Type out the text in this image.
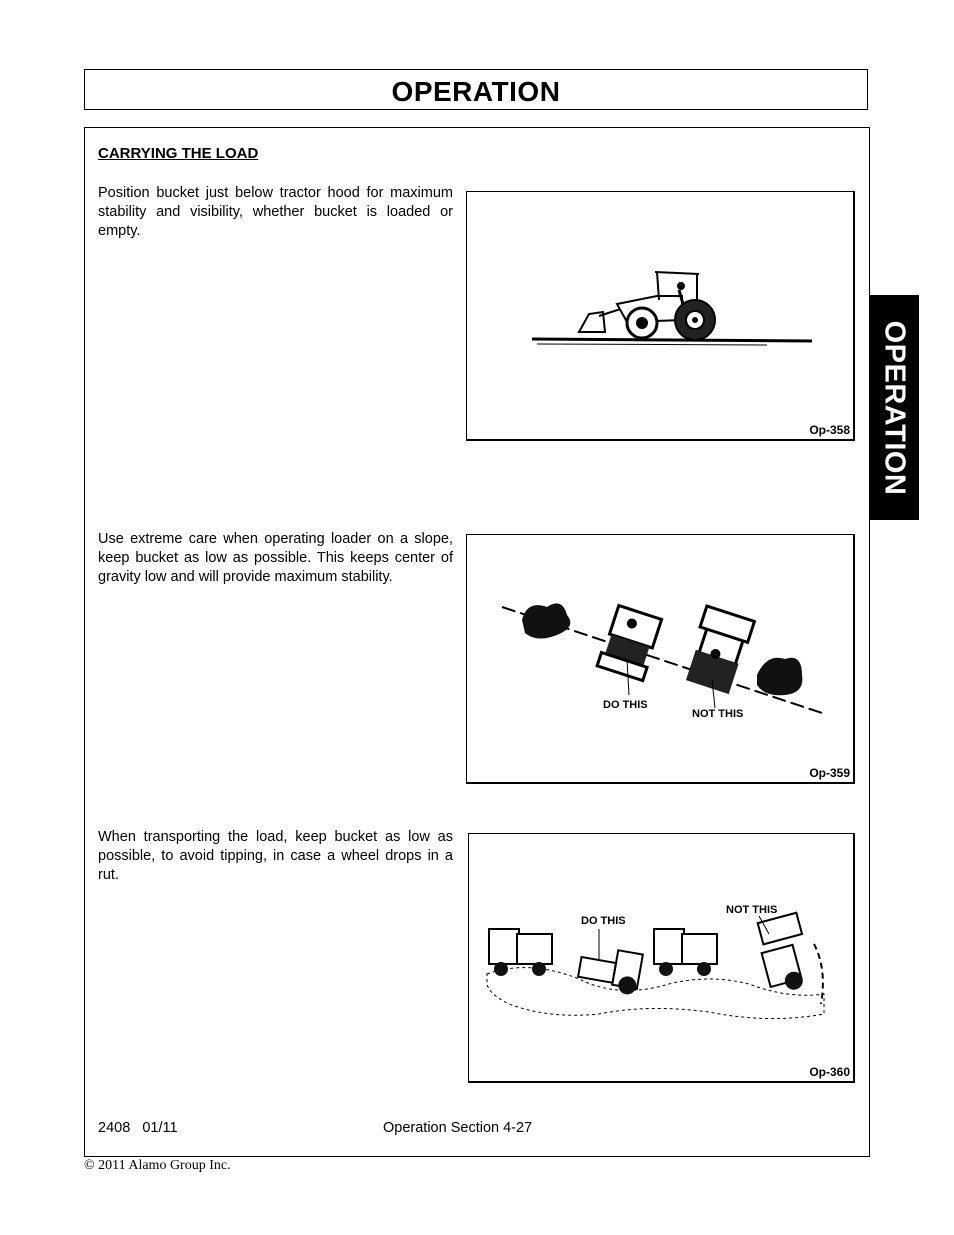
OPERATION
OPERATION
CARRYING THE LOAD
Position bucket just below tractor hood for maximum stability and visibility, whether bucket is loaded or empty.
Use extreme care when operating loader on a slope, keep bucket as low as possible. This keeps center of gravity low and will provide maximum stability.
When transporting the load, keep bucket as low as possible, to avoid tipping, in case a wheel drops in a rut.
Op-358
DO THIS
NOT THIS
Op-359
DO THIS
NOT THIS
Op-360
2408   01/11	Operation Section 4-27
© 2011 Alamo Group Inc.
